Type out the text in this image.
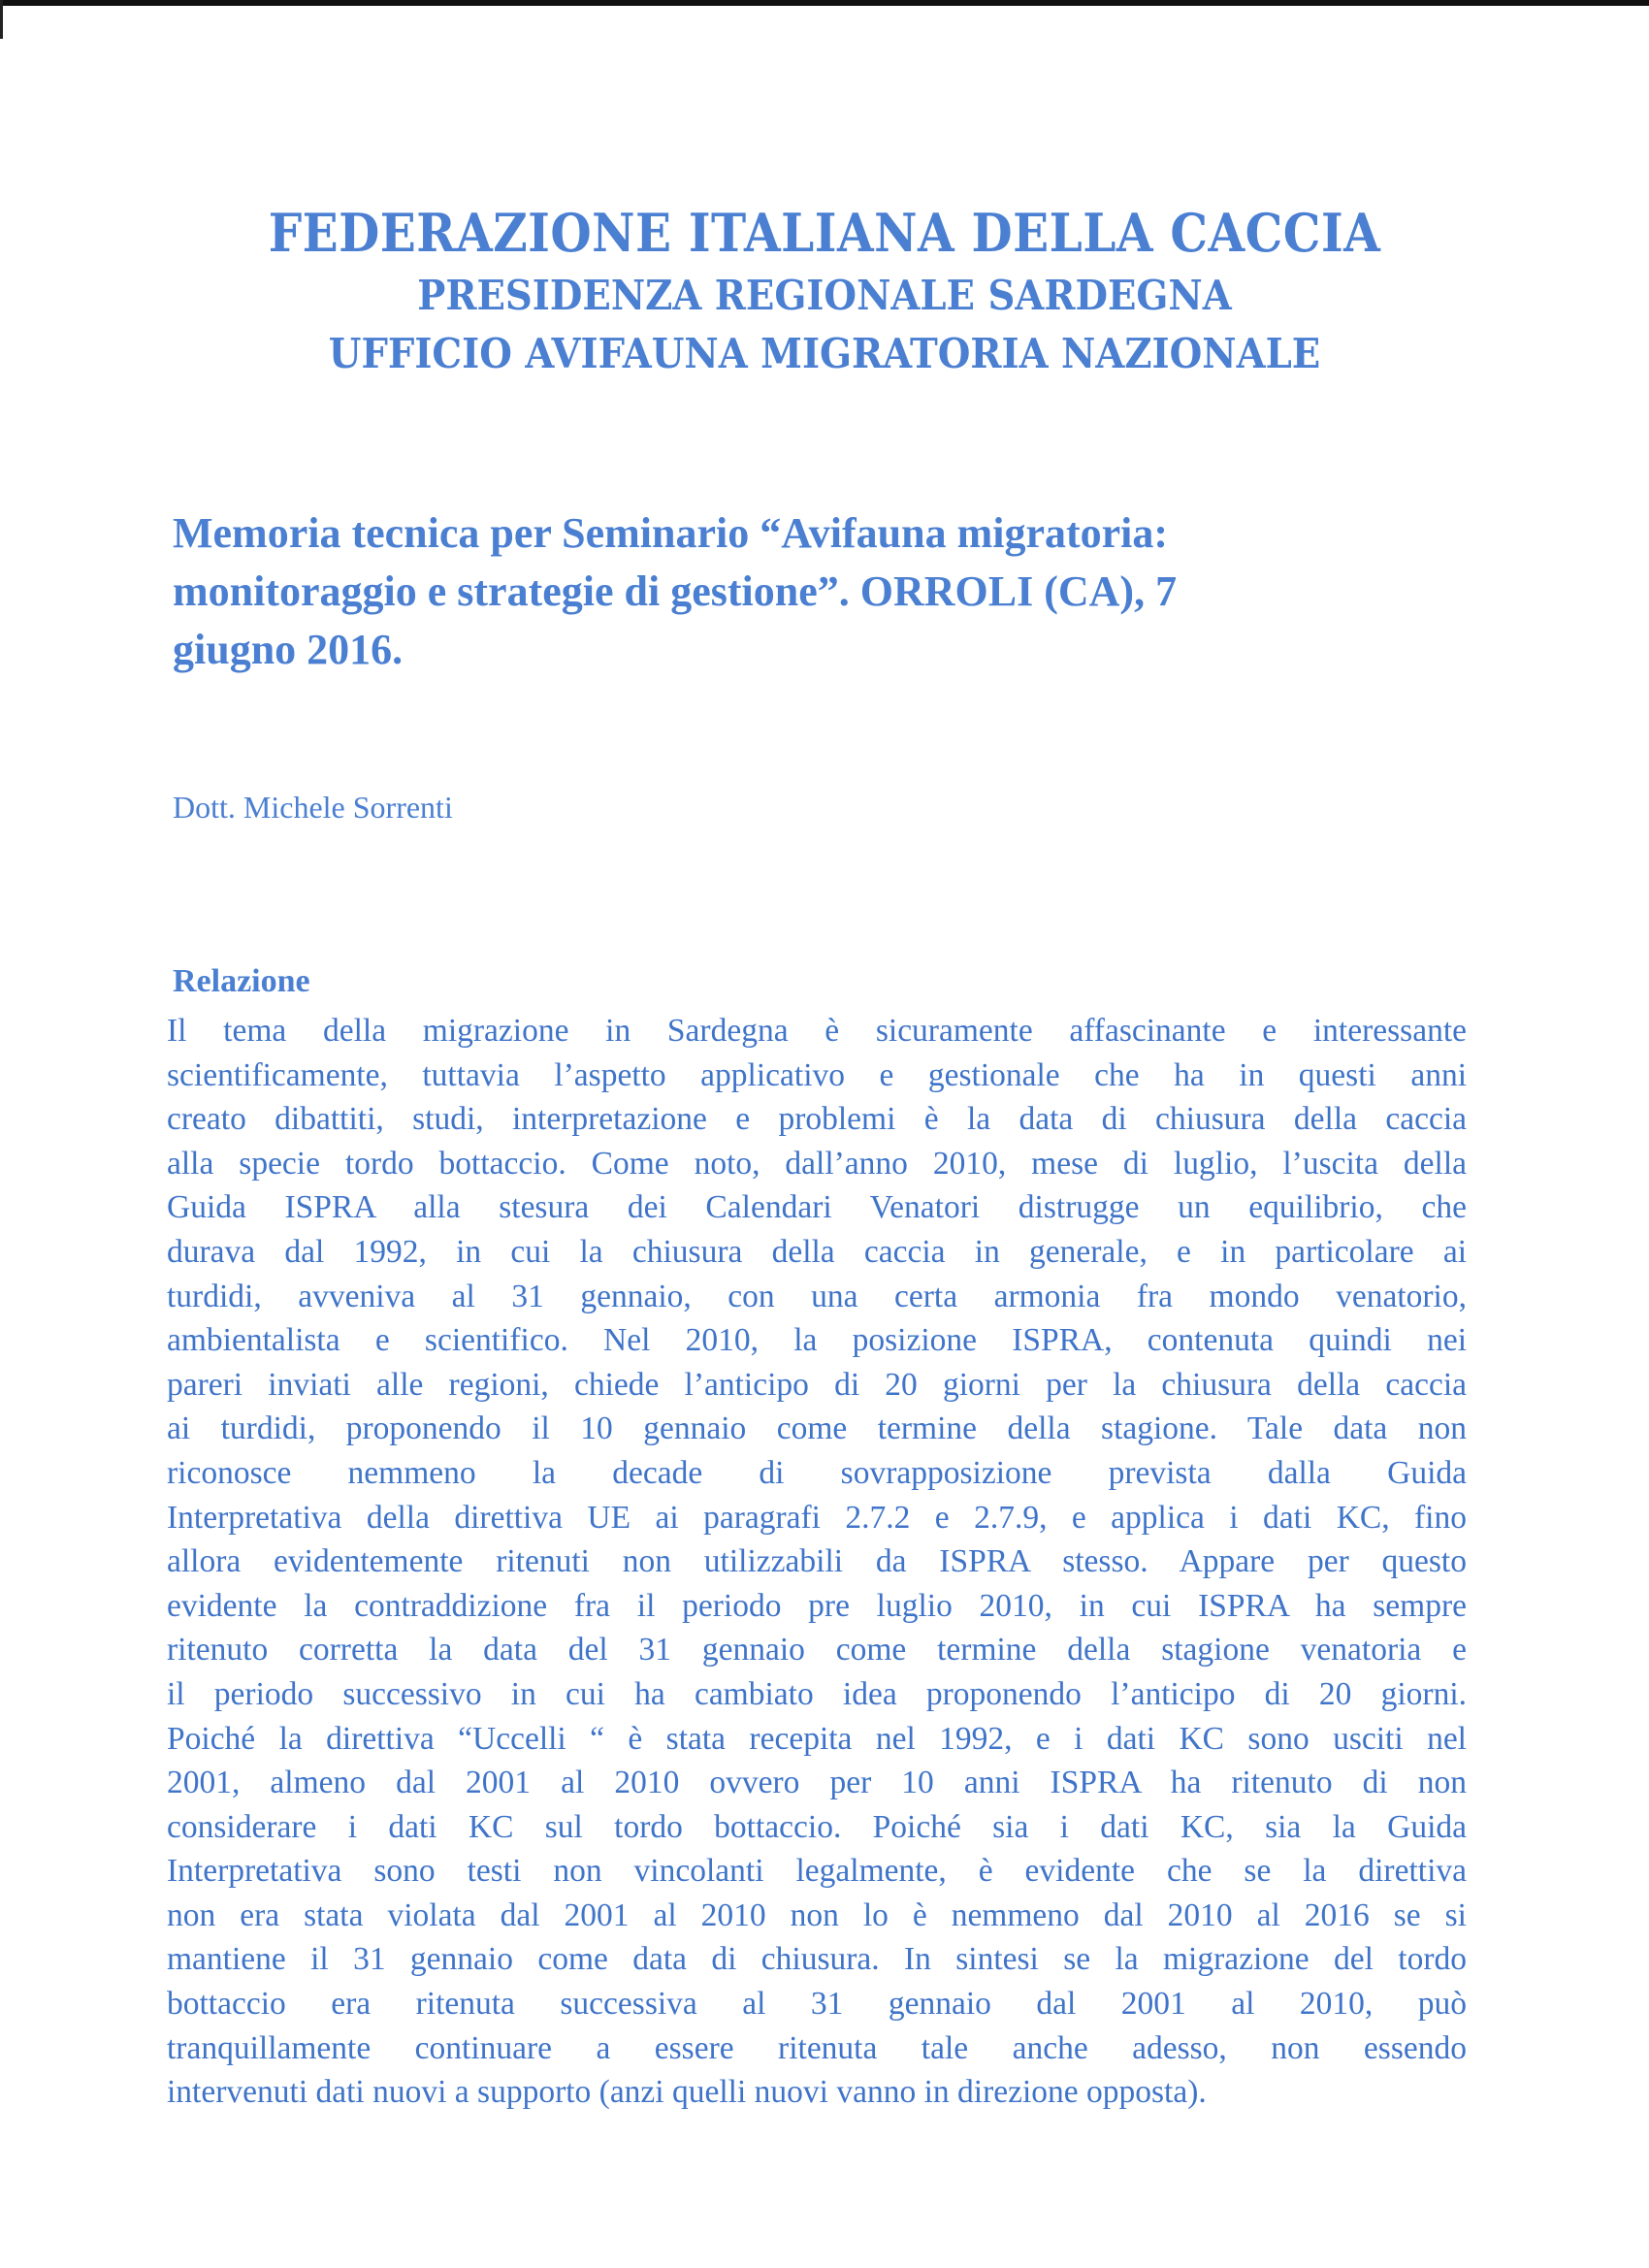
FEDERAZIONE ITALIANA DELLA CACCIA
PRESIDENZA REGIONALE SARDEGNA
UFFICIO AVIFAUNA MIGRATORIA NAZIONALE
Memoria tecnica per Seminario “Avifauna migratoria:
monitoraggio e strategie di gestione”. ORROLI (CA), 7
giugno 2016.
Dott. Michele Sorrenti
Relazione
Il tema della migrazione in Sardegna è sicuramente affascinante e interessante
scientificamente, tuttavia l’aspetto applicativo e gestionale che ha in questi anni
creato dibattiti, studi, interpretazione e problemi è la data di chiusura della caccia
alla specie tordo bottaccio. Come noto, dall’anno 2010, mese di luglio, l’uscita della
Guida ISPRA alla stesura dei Calendari Venatori distrugge un equilibrio, che
durava dal 1992, in cui la chiusura della caccia in generale, e in particolare ai
turdidi, avveniva al 31 gennaio, con una certa armonia fra mondo venatorio,
ambientalista e scientifico. Nel 2010, la posizione ISPRA, contenuta quindi nei
pareri inviati alle regioni, chiede l’anticipo di 20 giorni per la chiusura della caccia
ai turdidi, proponendo il 10 gennaio come termine della stagione. Tale data non
riconosce nemmeno la decade di sovrapposizione prevista dalla Guida
Interpretativa della direttiva UE ai paragrafi 2.7.2 e 2.7.9, e applica i dati KC, fino
allora evidentemente ritenuti non utilizzabili da ISPRA stesso. Appare per questo
evidente la contraddizione fra il periodo pre luglio 2010, in cui ISPRA ha sempre
ritenuto corretta la data del 31 gennaio come termine della stagione venatoria e
il periodo successivo in cui ha cambiato idea proponendo l’anticipo di 20 giorni.
Poiché la direttiva “Uccelli “ è stata recepita nel 1992, e i dati KC sono usciti nel
2001, almeno dal 2001 al 2010 ovvero per 10 anni ISPRA ha ritenuto di non
considerare i dati KC sul tordo bottaccio. Poiché sia i dati KC, sia la Guida
Interpretativa sono testi non vincolanti legalmente, è evidente che se la direttiva
non era stata violata dal 2001 al 2010 non lo è nemmeno dal 2010 al 2016 se si
mantiene il 31 gennaio come data di chiusura. In sintesi se la migrazione del tordo
bottaccio era ritenuta successiva al 31 gennaio dal 2001 al 2010, può
tranquillamente continuare a essere ritenuta tale anche adesso, non essendo
intervenuti dati nuovi a supporto (anzi quelli nuovi vanno in direzione opposta).
